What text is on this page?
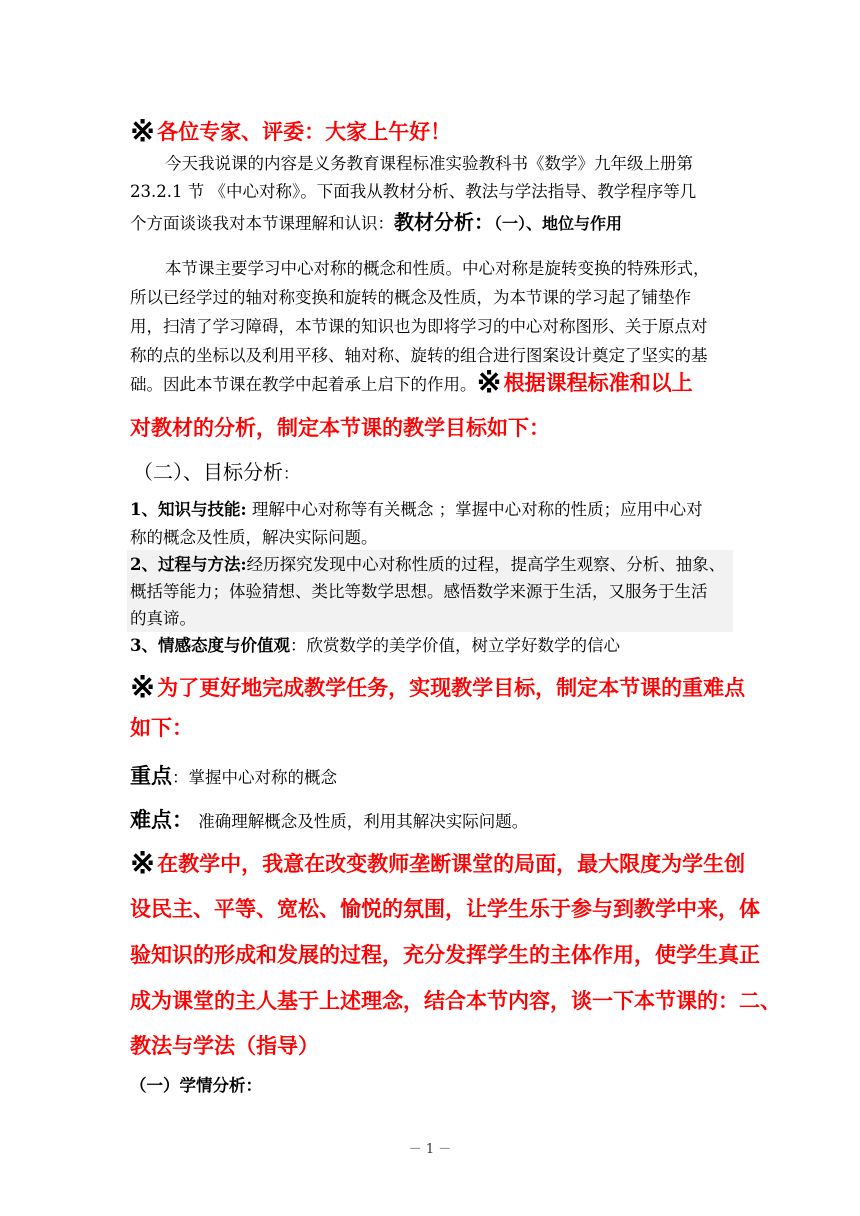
※各位专家、评委：大家上午好！
今天我说课的内容是义务教育课程标准实验教科书《数学》九年级上册第
23.2.1 节 《中心对称》。下面我从教材分析、教法与学法指导、教学程序等几
个方面谈谈我对本节课理解和认识：教材分析：（一）、地位与作用
本节课主要学习中心对称的概念和性质。中心对称是旋转变换的特殊形式，
所以已经学过的轴对称变换和旋转的概念及性质，为本节课的学习起了铺垫作
用，扫清了学习障碍，本节课的知识也为即将学习的中心对称图形、关于原点对
称的点的坐标以及利用平移、轴对称、旋转的组合进行图案设计奠定了坚实的基
础。因此本节课在教学中起着承上启下的作用。※根据课程标准和以上
对教材的分析，制定本节课的教学目标如下：
（二）、目标分析：
1、知识与技能: 理解中心对称等有关概念 ；掌握中心对称的性质；应用中心对
称的概念及性质，解决实际问题。
2、过程与方法:经历探究发现中心对称性质的过程，提高学生观察、分析、抽象、
概括等能力；体验猜想、类比等数学思想。感悟数学来源于生活，又服务于生活
的真谛。
3、情感态度与价值观：欣赏数学的美学价值，树立学好数学的信心
※为了更好地完成教学任务，实现教学目标，制定本节课的重难点
如下：
重点：掌握中心对称的概念
难点： 准确理解概念及性质，利用其解决实际问题。
※在教学中，我意在改变教师垄断课堂的局面，最大限度为学生创
设民主、平等、宽松、愉悦的氛围，让学生乐于参与到教学中来，体
验知识的形成和发展的过程，充分发挥学生的主体作用，使学生真正
成为课堂的主人基于上述理念，结合本节内容，谈一下本节课的：二、
教法与学法（指导）
（一）学情分析：
－ 1 －
